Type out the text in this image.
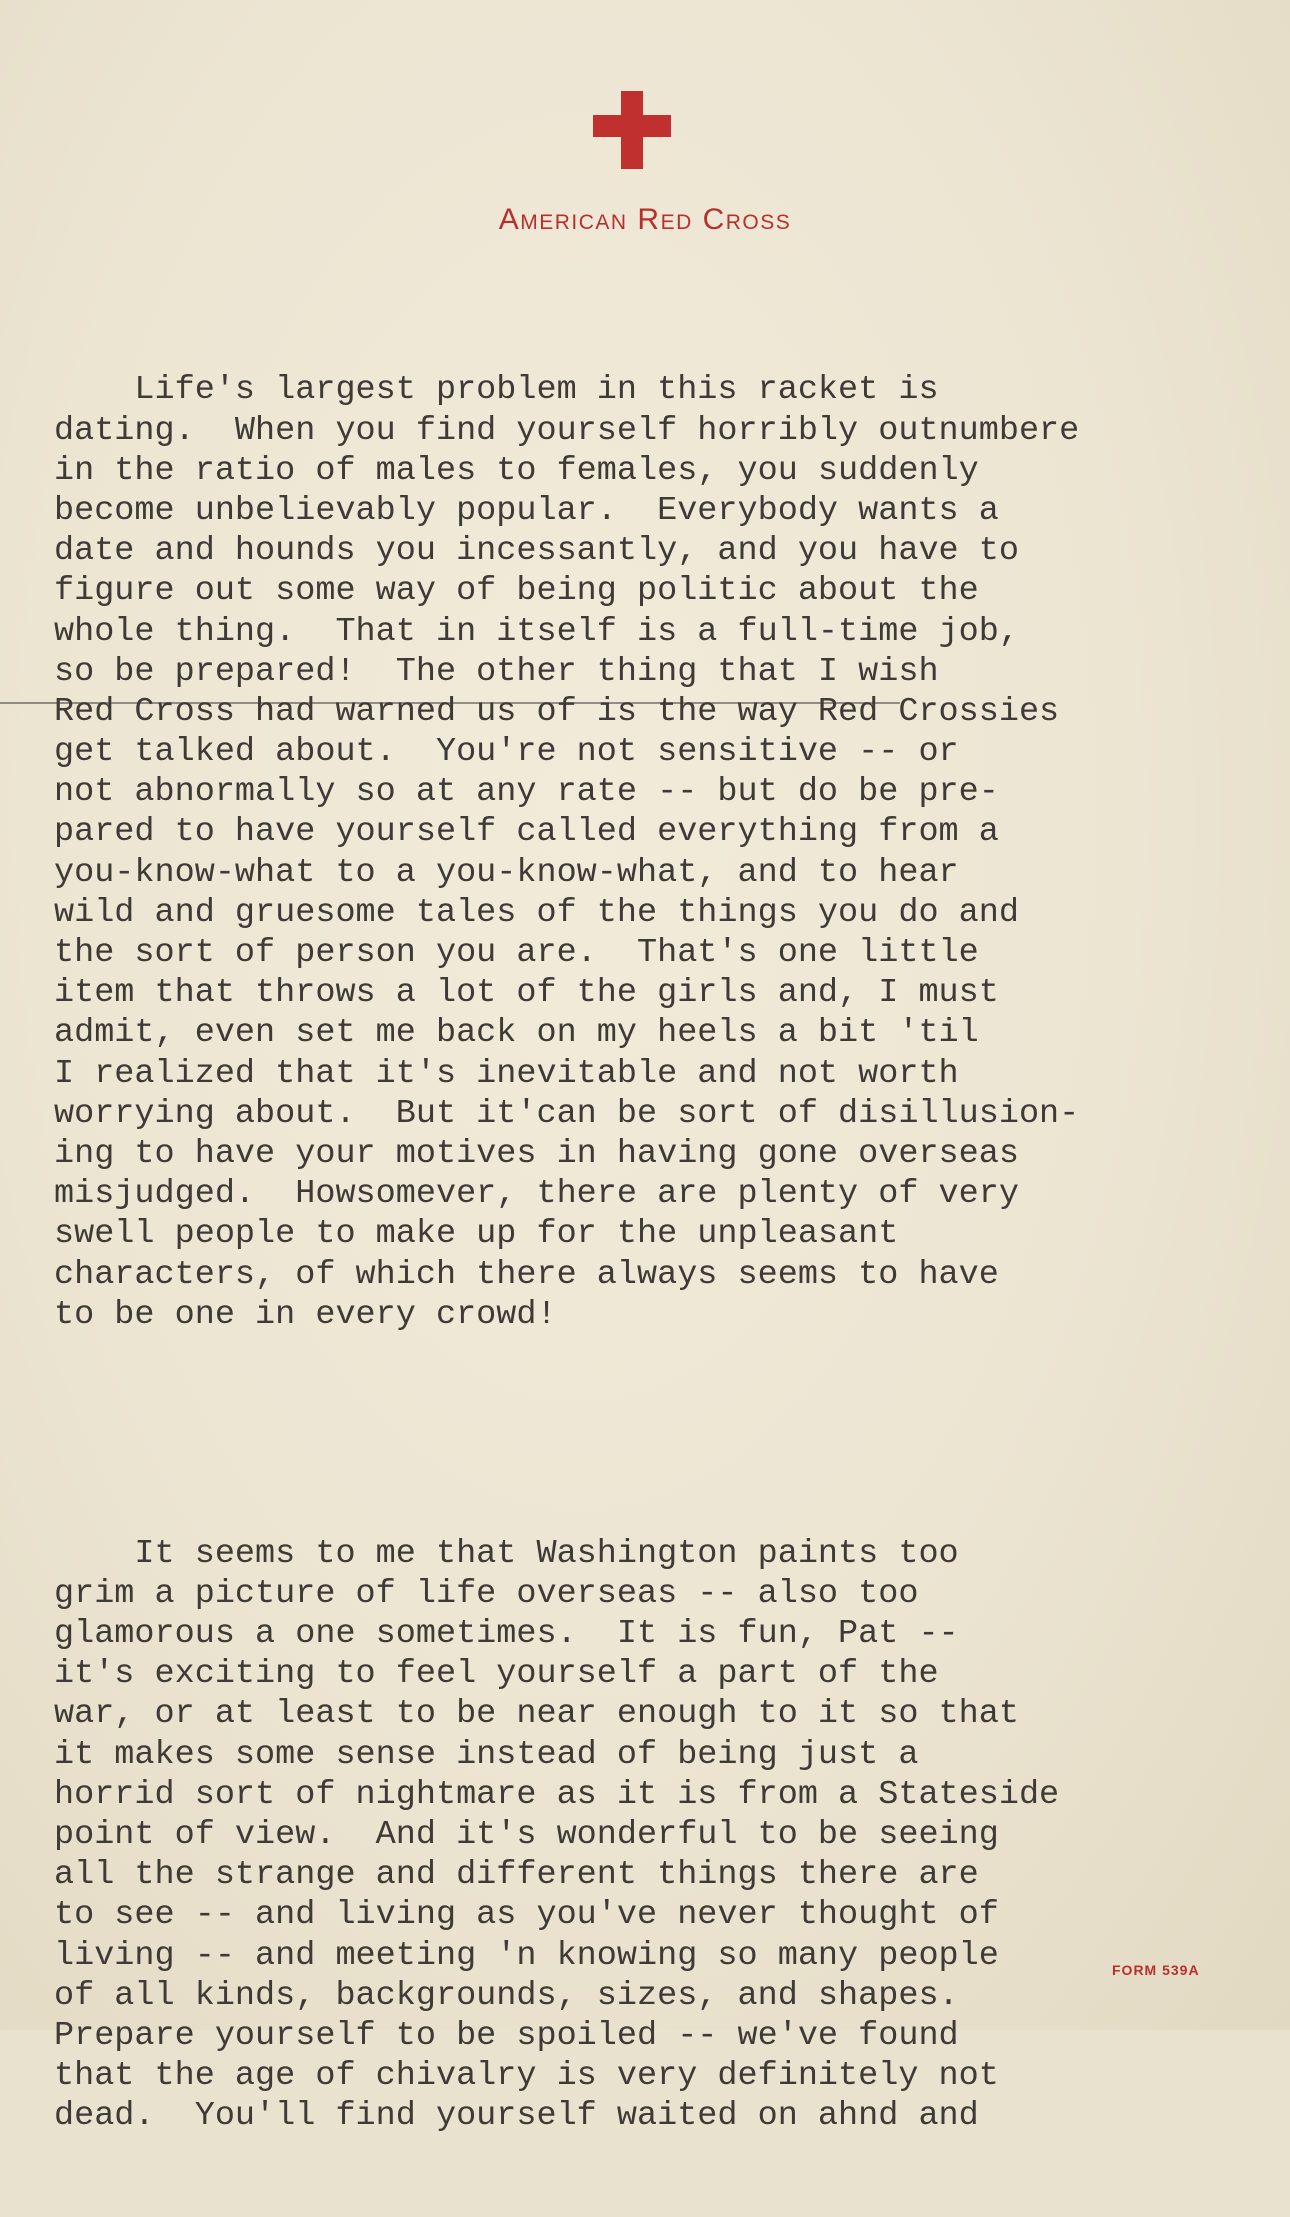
American Red Cross

Life's largest problem in this racket is
dating.  When you find yourself horribly outnumbere
in the ratio of males to females, you suddenly
become unbelievably popular.  Everybody wants a
date and hounds you incessantly, and you have to
figure out some way of being politic about the
whole thing.  That in itself is a full-time job,
so be prepared!  The other thing that I wish
Red Cross had warned us of is the way Red Crossies
get talked about.  You're not sensitive -- or
not abnormally so at any rate -- but do be pre-
pared to have yourself called everything from a
you-know-what to a you-know-what, and to hear
wild and gruesome tales of the things you do and
the sort of person you are.  That's one little
item that throws a lot of the girls and, I must
admit, even set me back on my heels a bit 'til
I realized that it's inevitable and not worth
worrying about.  But it'can be sort of disillusion-
ing to have your motives in having gone overseas
misjudged.  Howsomever, there are plenty of very
swell people to make up for the unpleasant
characters, of which there always seems to have
to be one in every crowd!

It seems to me that Washington paints too
grim a picture of life overseas -- also too
glamorous a one sometimes.  It is fun, Pat --
it's exciting to feel yourself a part of the
war, or at least to be near enough to it so that
it makes some sense instead of being just a
horrid sort of nightmare as it is from a Stateside
point of view.  And it's wonderful to be seeing
all the strange and different things there are
to see -- and living as you've never thought of
living -- and meeting 'n knowing so many people
of all kinds, backgrounds, sizes, and shapes.
Prepare yourself to be spoiled -- we've found
that the age of chivalry is very definitely not
dead.  You'll find yourself waited on ahnd and

FORM 539A
